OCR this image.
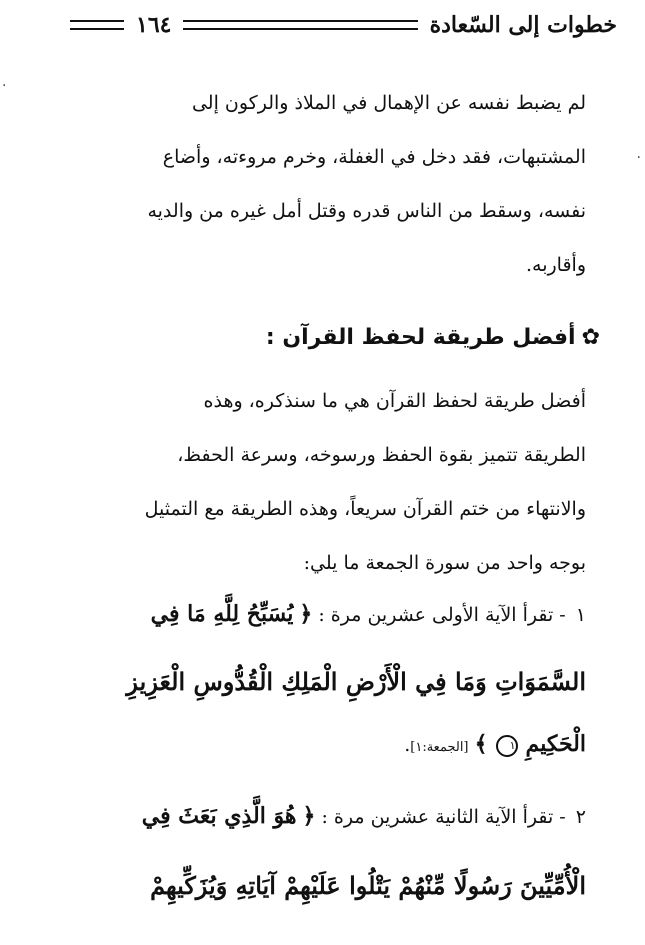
خطوات إلى السّعادة
١٦٤

لم يضبط نفسه عن الإهمال في الملاذ والركون إلى

المشتبهات، فقد دخل في الغفلة، وخرم مروءته، وأضاع

نفسه، وسقط من الناس قدره وقتل أمل غيره من والديه

وأقاربه.

✿أفضل طريقة لحفظ القرآن :

أفضل طريقة لحفظ القرآن هي ما سنذكره، وهذه

الطريقة تتميز بقوة الحفظ ورسوخه، وسرعة الحفظ،

والانتهاء من ختم القرآن سريعاً، وهذه الطريقة مع التمثيل

بوجه واحد من سورة الجمعة ما يلي:

١ - تقرأ الآية الأولى عشرين مرة : ﴿ يُسَبِّحُ لِلَّهِ مَا فِي

السَّمَوَاتِ وَمَا فِي الْأَرْضِ الْمَلِكِ الْقُدُّوسِ الْعَزِيزِ

الْحَكِيمِ ١ ﴾ [الجمعة:١].

٢ - تقرأ الآية الثانية عشرين مرة : ﴿ هُوَ الَّذِي بَعَثَ فِي

الْأُمِّيِّينَ رَسُولًا مِّنْهُمْ يَتْلُوا عَلَيْهِمْ آيَاتِهِ وَيُزَكِّيهِمْ
·
·
